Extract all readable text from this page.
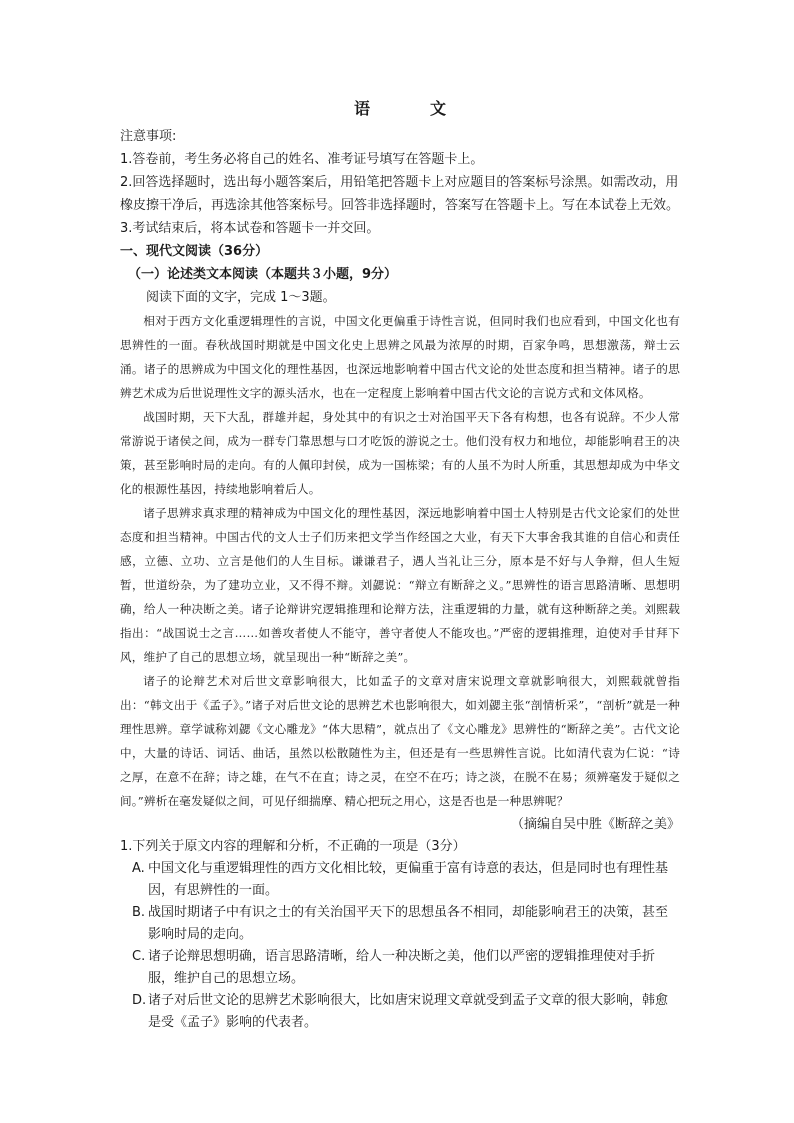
语　文

注意事项:

1.答卷前，考生务必将自己的姓名、准考证号填写在答题卡上。

2.回答选择题时，选出每小题答案后，用铅笔把答题卡上对应题目的答案标号涂黑。如需改动，用橡皮擦干净后，再选涂其他答案标号。回答非选择题时，答案写在答题卡上。写在本试卷上无效。

3.考试结束后，将本试卷和答题卡一并交回。

一、现代文阅读（36分）

（一）论述类文本阅读（本题共３小题，9分）

阅读下面的文字，完成 1～3题。

相对于西方文化重逻辑理性的言说，中国文化更偏重于诗性言说，但同时我们也应看到，中国文化也有思辨性的一面。春秋战国时期就是中国文化史上思辨之风最为浓厚的时期，百家争鸣，思想激荡，辩士云涌。诸子的思辨成为中国文化的理性基因，也深远地影响着中国古代文论的处世态度和担当精神。诸子的思辨艺术成为后世说理性文字的源头活水，也在一定程度上影响着中国古代文论的言说方式和文体风格。

战国时期，天下大乱，群雄并起，身处其中的有识之士对治国平天下各有构想，也各有说辞。不少人常常游说于诸侯之间，成为一群专门靠思想与口才吃饭的游说之士。他们没有权力和地位，却能影响君王的决策，甚至影响时局的走向。有的人佩印封侯，成为一国栋梁；有的人虽不为时人所重，其思想却成为中华文化的根源性基因，持续地影响着后人。

诸子思辨求真求理的精神成为中国文化的理性基因，深远地影响着中国士人特别是古代文论家们的处世态度和担当精神。中国古代的文人士子们历来把文学当作经国之大业，有天下大事舍我其谁的自信心和责任感，立德、立功、立言是他们的人生目标。谦谦君子，遇人当礼让三分，原本是不好与人争辩，但人生短暂，世道纷杂，为了建功立业，又不得不辩。刘勰说：“辩立有断辞之义。”思辨性的语言思路清晰、思想明确，给人一种决断之美。诸子论辩讲究逻辑推理和论辩方法，注重逻辑的力量，就有这种断辞之美。刘熙载指出：“战国说士之言……如善攻者使人不能守，善守者使人不能攻也。”严密的逻辑推理，迫使对手甘拜下风，维护了自己的思想立场，就呈现出一种“断辞之美”。

诸子的论辩艺术对后世文章影响很大，比如孟子的文章对唐宋说理文章就影响很大，刘熙载就曾指出：“韩文出于《孟子》。”诸子对后世文论的思辨艺术也影响很大，如刘勰主张“剖情析采”，“剖析”就是一种理性思辨。章学诚称刘勰《文心雕龙》“体大思精”，就点出了《文心雕龙》思辨性的“断辞之美”。古代文论中，大量的诗话、词话、曲话，虽然以松散随性为主，但还是有一些思辨性言说。比如清代袁为仁说：“诗之厚，在意不在辞；诗之雄，在气不在直；诗之灵，在空不在巧；诗之淡，在脱不在易；须辨毫发于疑似之间。”辨析在毫发疑似之间，可见仔细揣摩、精心把玩之用心，这是否也是一种思辨呢？

（摘编自吴中胜《断辞之美》

1.下列关于原文内容的理解和分析，不正确的一项是（3分）

A. 中国文化与重逻辑理性的西方文化相比较，更偏重于富有诗意的表达，但是同时也有理性基因，有思辨性的一面。

B. 战国时期诸子中有识之士的有关治国平天下的思想虽各不相同，却能影响君王的决策，甚至影响时局的走向。

C. 诸子论辩思想明确，语言思路清晰，给人一种决断之美，他们以严密的逻辑推理使对手折服，维护自己的思想立场。

D. 诸子对后世文论的思辨艺术影响很大，比如唐宋说理文章就受到孟子文章的很大影响，韩愈是受《孟子》影响的代表者。
